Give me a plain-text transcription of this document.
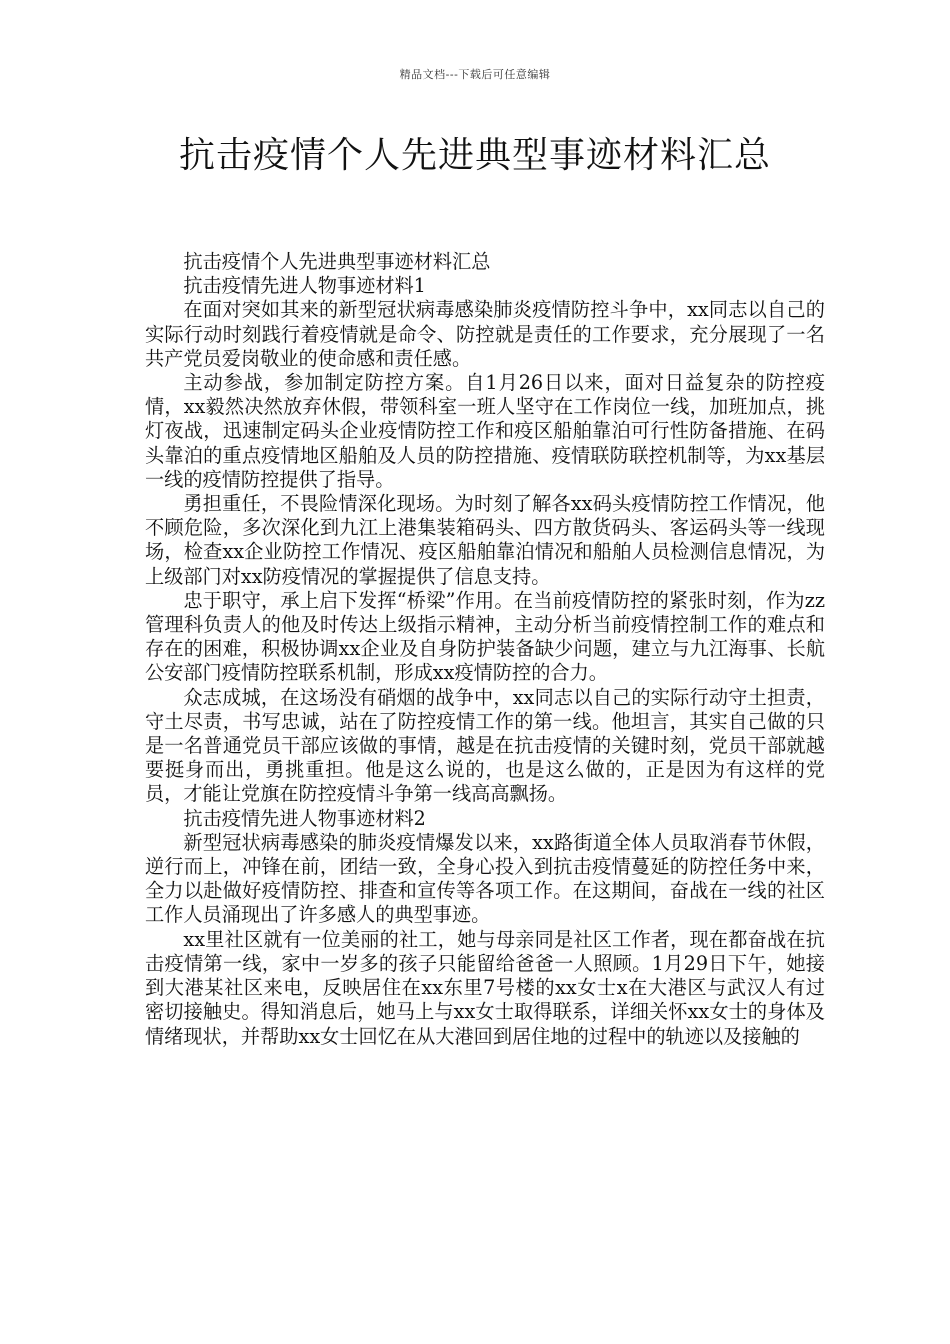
精品文档---下载后可任意编辑
抗击疫情个人先进典型事迹材料汇总

抗击疫情个人先进典型事迹材料汇总

抗击疫情先进人物事迹材料1

在面对突如其来的新型冠状病毒感染肺炎疫情防控斗争中，xx同志以自己的实际行动时刻践行着疫情就是命令、防控就是责任的工作要求，充分展现了一名共产党员爱岗敬业的使命感和责任感。

主动参战，参加制定防控方案。自1月26日以来，面对日益复杂的防控疫情，xx毅然决然放弃休假，带领科室一班人坚守在工作岗位一线，加班加点，挑灯夜战，迅速制定码头企业疫情防控工作和疫区船舶靠泊可行性防备措施、在码头靠泊的重点疫情地区船舶及人员的防控措施、疫情联防联控机制等，为xx基层一线的疫情防控提供了指导。

勇担重任，不畏险情深化现场。为时刻了解各xx码头疫情防控工作情况，他不顾危险，多次深化到九江上港集装箱码头、四方散货码头、客运码头等一线现场，检查xx企业防控工作情况、疫区船舶靠泊情况和船舶人员检测信息情况，为上级部门对xx防疫情况的掌握提供了信息支持。

忠于职守，承上启下发挥“桥梁”作用。在当前疫情防控的紧张时刻，作为zz管理科负责人的他及时传达上级指示精神，主动分析当前疫情控制工作的难点和存在的困难，积极协调xx企业及自身防护装备缺少问题，建立与九江海事、长航公安部门疫情防控联系机制，形成xx疫情防控的合力。

众志成城，在这场没有硝烟的战争中，xx同志以自己的实际行动守土担责，守土尽责，书写忠诚，站在了防控疫情工作的第一线。他坦言，其实自己做的只是一名普通党员干部应该做的事情，越是在抗击疫情的关键时刻，党员干部就越要挺身而出，勇挑重担。他是这么说的，也是这么做的，正是因为有这样的党员，才能让党旗在防控疫情斗争第一线高高飘扬。

抗击疫情先进人物事迹材料2

新型冠状病毒感染的肺炎疫情爆发以来，xx路街道全体人员取消春节休假，逆行而上，冲锋在前，团结一致，全身心投入到抗击疫情蔓延的防控任务中来，全力以赴做好疫情防控、排查和宣传等各项工作。在这期间，奋战在一线的社区工作人员涌现出了许多感人的典型事迹。

xx里社区就有一位美丽的社工，她与母亲同是社区工作者，现在都奋战在抗击疫情第一线，家中一岁多的孩子只能留给爸爸一人照顾。1月29日下午，她接到大港某社区来电，反映居住在xx东里7号楼的xx女士x在大港区与武汉人有过密切接触史。得知消息后，她马上与xx女士取得联系，详细关怀xx女士的身体及情绪现状，并帮助xx女士回忆在从大港回到居住地的过程中的轨迹以及接触的
